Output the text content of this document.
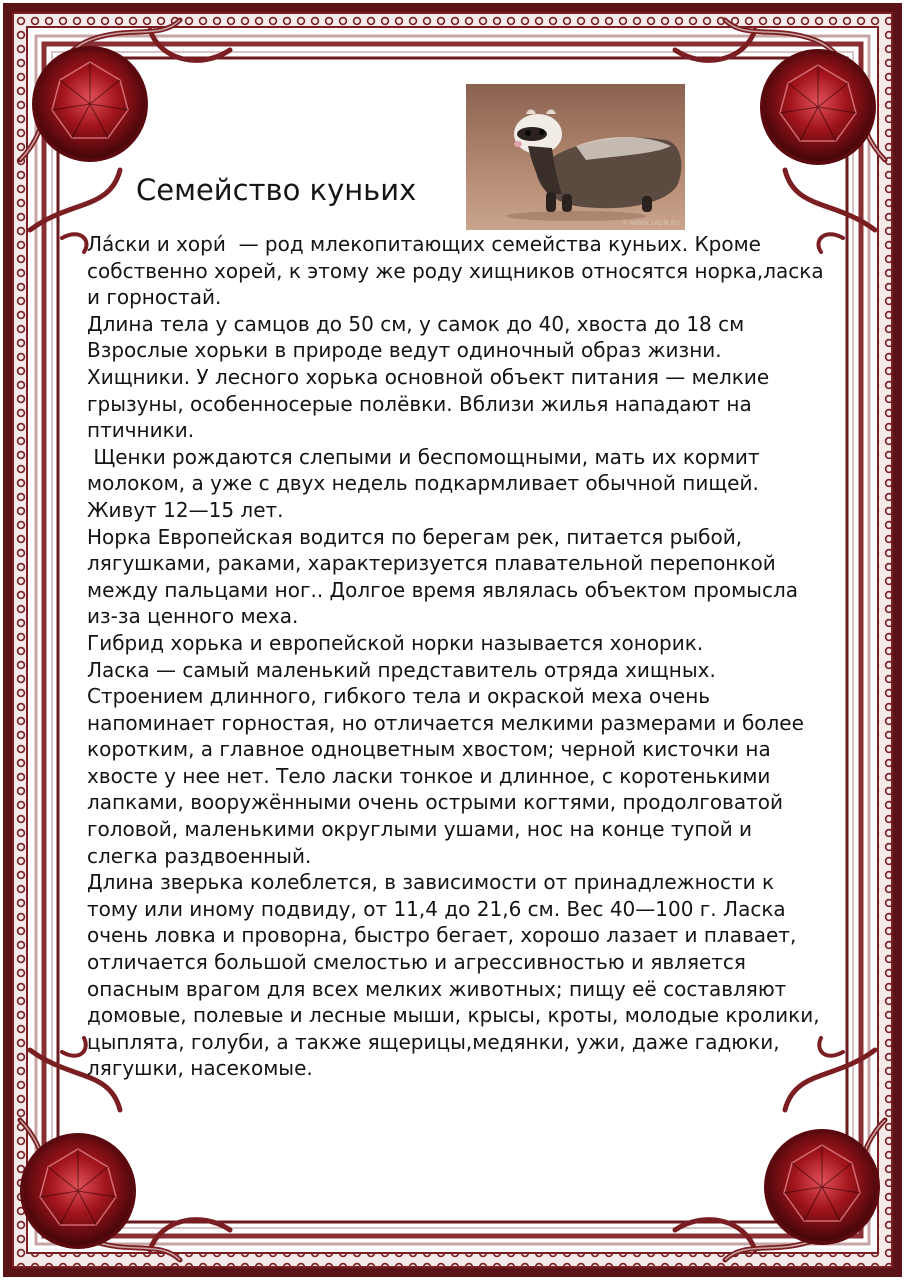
© WWW.1ADM.RU
Семейство куньих

Ла́ски и хори́  — род млекопитающих семейства куньих. Кроме собственно хорей, к этому же роду хищников относятся норка,ласка и горностай.

Длина тела у самцов до 50 см, у самок до 40, хвоста до 18 см Взрослые хорьки в природе ведут одиночный образ жизни. Хищники. У лесного хорька основной объект питания — мелкие грызуны, особенносерые полёвки. Вблизи жилья нападают на птичники.

Щенки рождаются слепыми и беспомощными, мать их кормит молоком, а уже с двух недель подкармливает обычной пищей. Живут 12—15 лет.

Норка Европейская водится по берегам рек, питается рыбой, лягушками, раками, характеризуется плавательной перепонкой между пальцами ног.. Долгое время являлась объектом промысла из-за ценного меха.

Гибрид хорька и европейской норки называется хонорик.

Ласка — самый маленький представитель отряда хищных. Строением длинного, гибкого тела и окраской меха очень напоминает горностая, но отличается мелкими размерами и более коротким, а главное одноцветным хвостом; черной кисточки на хвосте у нее нет. Тело ласки тонкое и длинное, с коротенькими лапками, вооружёнными очень острыми когтями, продолговатой головой, маленькими округлыми ушами, нос на конце тупой и слегка раздвоенный.

Длина зверька колеблется, в зависимости от принадлежности к тому или иному подвиду, от 11,4 до 21,6 см. Вес 40—100 г. Ласка очень ловка и проворна, быстро бегает, хорошо лазает и плавает, отличается большой смелостью и агрессивностью и является опасным врагом для всех мелких животных; пищу её составляют домовые, полевые и лесные мыши, крысы, кроты, молодые кролики, цыплята, голуби, а также ящерицы,медянки, ужи, даже гадюки, лягушки, насекомые.
